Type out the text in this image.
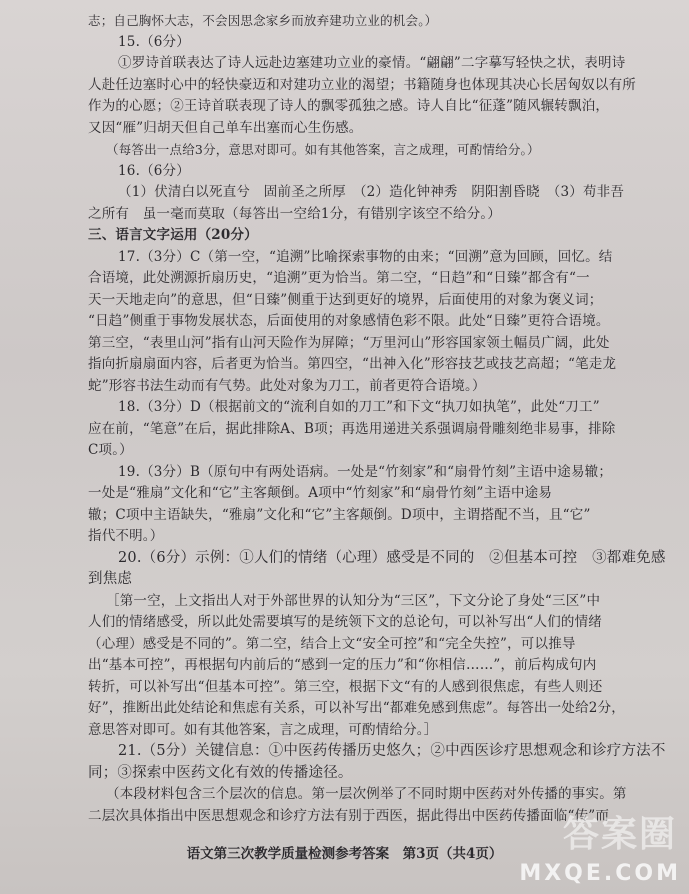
志；自己胸怀大志，不会因思念家乡而放弃建功立业的机会。）
15.（6分）
①罗诗首联表达了诗人远赴边塞建功立业的豪情。“翩翩”二字摹写轻快之状，表明诗
人赴任边塞时心中的轻快豪迈和对建功立业的渴望；书籍随身也体现其决心长居匈奴以有所
作为的心愿；②王诗首联表现了诗人的飘零孤独之感。诗人自比“征蓬”随风辗转飘泊，
又因“雁”归胡天但自己单车出塞而心生伤感。
（每答出一点给3分，意思对即可。如有其他答案，言之成理，可酌情给分。）
16.（6分）
（1）伏清白以死直兮　固前圣之所厚　（2）造化钟神秀　阴阳割昏晓　（3）苟非吾
之所有　虽一毫而莫取（每答出一空给1分，有错别字该空不给分。）
三、语言文字运用（20分）
17.（3分）C（第一空，“追溯”比喻探索事物的由来；“回溯”意为回顾，回忆。结
合语境，此处溯源折扇历史，“追溯”更为恰当。第二空，“日趋”和“日臻”都含有“一
天一天地走向”的意思，但“日臻”侧重于达到更好的境界，后面使用的对象为褒义词；
“日趋”侧重于事物发展状态，后面使用的对象感情色彩不限。此处“日臻”更符合语境。
第三空，“表里山河”指有山河天险作为屏障；“万里河山”形容国家领土幅员广阔，此处
指向折扇扇面内容，后者更为恰当。第四空，“出神入化”形容技艺或技艺高超；“笔走龙
蛇”形容书法生动而有气势。此处对象为刀工，前者更符合语境。）
18.（3分）D（根据前文的“流利自如的刀工”和下文“执刀如执笔”，此处“刀工”
应在前，“笔意”在后，据此排除A、B项；再选用递进关系强调扇骨雕刻绝非易事，排除
C项。）
19.（3分）B（原句中有两处语病。一处是“竹刻家”和“扇骨竹刻”主语中途易辙；
一处是“雅扇”文化和“它”主客颠倒。A项中“竹刻家”和“扇骨竹刻”主语中途易
辙；C项中主语缺失，“雅扇”文化和“它”主客颠倒。D项中，主谓搭配不当，且“它”
指代不明。）
20.（6分）示例：①人们的情绪（心理）感受是不同的　②但基本可控　③都难免感
到焦虑
［第一空，上文指出人对于外部世界的认知分为“三区”，下文分论了身处“三区”中
人们的情绪感受，所以此处需要填写的是统领下文的总论句，可以补写出“人们的情绪
（心理）感受是不同的”。第二空，结合上文“安全可控”和“完全失控”，可以推导
出“基本可控”，再根据句内前后的“感到一定的压力”和“你相信……”，前后构成句内
转折，可以补写出“但基本可控”。第三空，根据下文“有的人感到很焦虑，有些人则还
好”，推断出此处结论和焦虑有关系，可以补写出“都难免感到焦虑”。每答出一处给2分，
意思答对即可。如有其他答案，言之成理，可酌情给分。］
21.（5分）关键信息：①中医药传播历史悠久；②中西医诊疗思想观念和诊疗方法不
同；③探索中医药文化有效的传播途径。
（本段材料包含三个层次的信息。第一层次例举了不同时期中医药对外传播的事实。第
二层次具体指出中医思想观念和诊疗方法有别于西医，据此得出中医药传播面临“传”而
语文第三次教学质量检测参考答案　第3页（共4页）	答案圈
MXQE.COM
